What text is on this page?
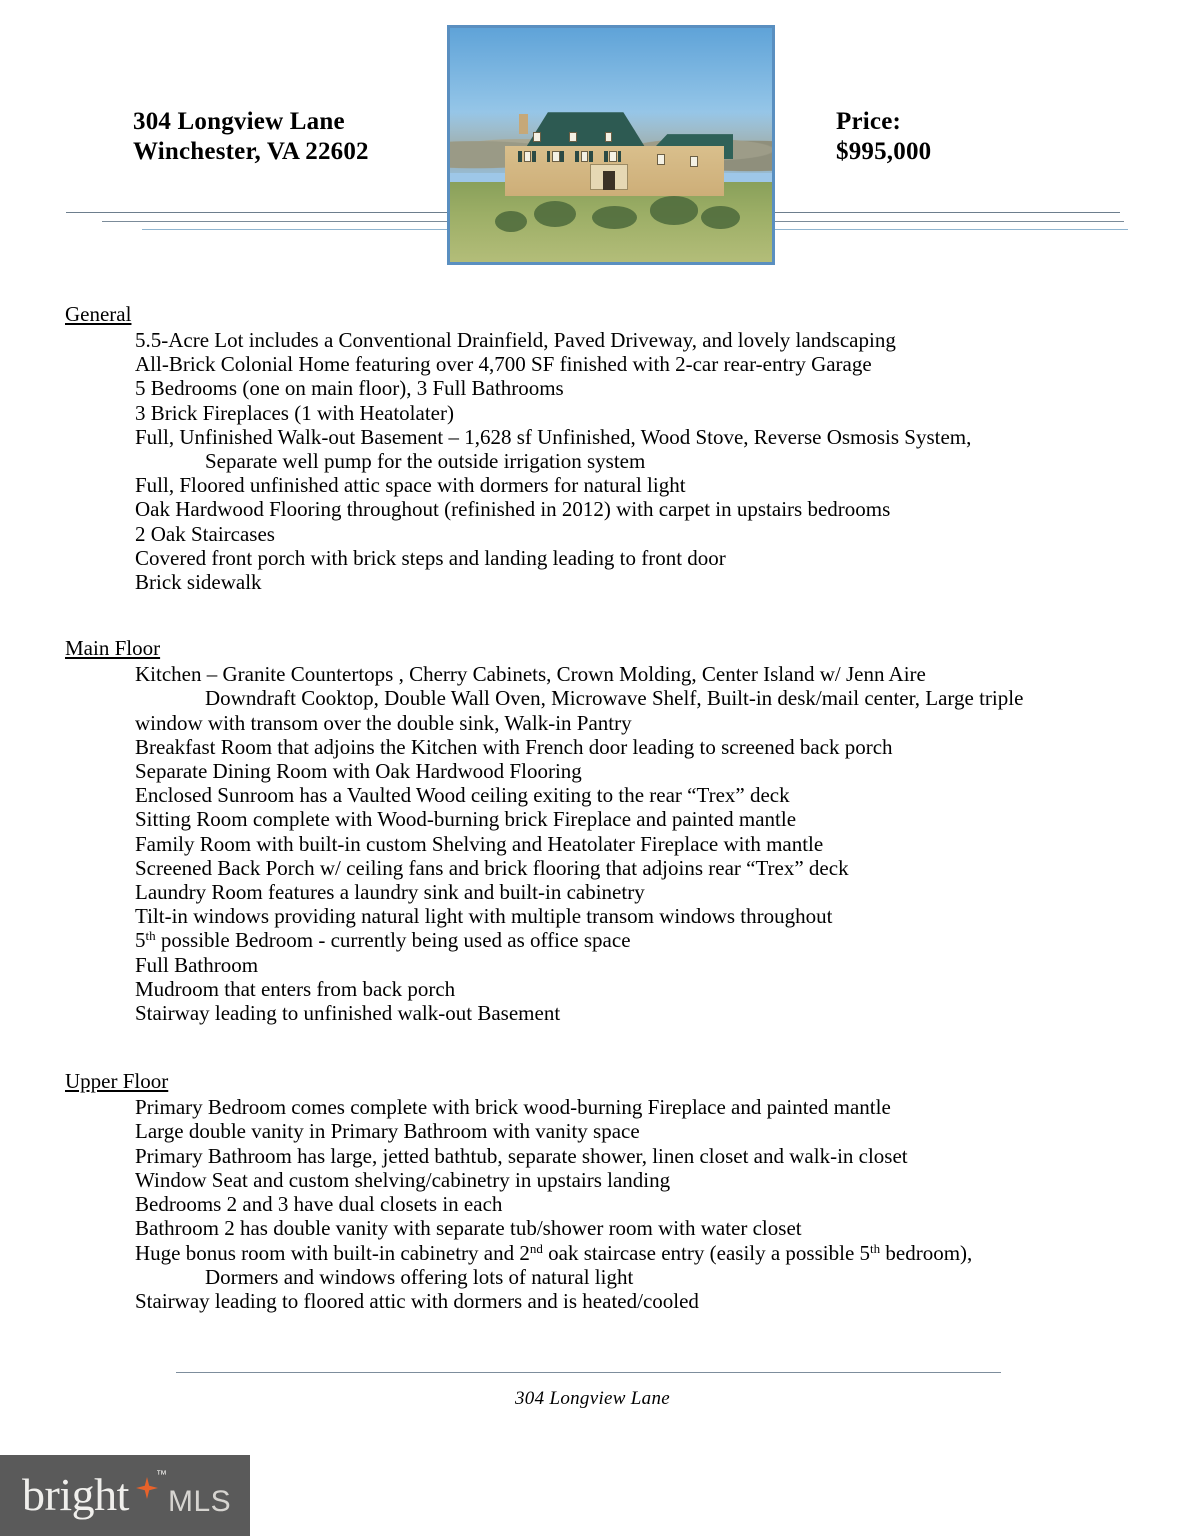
304 Longview Lane
Winchester, VA 22602
Price:
$995,000
General
5.5-Acre Lot includes a Conventional Drainfield, Paved Driveway, and lovely landscaping
All-Brick Colonial Home featuring over 4,700 SF finished with 2-car rear-entry Garage
5 Bedrooms (one on main floor), 3 Full Bathrooms
3 Brick Fireplaces (1 with Heatolater)
Full, Unfinished Walk-out Basement – 1,628 sf Unfinished, Wood Stove, Reverse Osmosis System,
Separate well pump for the outside irrigation system
Full, Floored unfinished attic space with dormers for natural light
Oak Hardwood Flooring throughout (refinished in 2012) with carpet in upstairs bedrooms
2 Oak Staircases
Covered front porch with brick steps and landing leading to front door
Brick sidewalk
Main Floor
Kitchen – Granite Countertops , Cherry Cabinets, Crown Molding, Center Island w/ Jenn Aire
Downdraft Cooktop, Double Wall Oven, Microwave Shelf, Built-in desk/mail center, Large triple
window with transom over the double sink, Walk-in Pantry
Breakfast Room that adjoins the Kitchen with French door leading to screened back porch
Separate Dining Room with Oak Hardwood Flooring
Enclosed Sunroom has a Vaulted Wood ceiling exiting to the rear “Trex” deck
Sitting Room complete with Wood-burning brick Fireplace and painted mantle
Family Room with built-in custom Shelving and Heatolater Fireplace with mantle
Screened Back Porch w/ ceiling fans and brick flooring that adjoins rear “Trex” deck
Laundry Room features a laundry sink and built-in cabinetry
Tilt-in windows providing natural light with multiple transom windows throughout
5th possible Bedroom - currently being used as office space
Full Bathroom
Mudroom that enters from back porch
Stairway leading to unfinished walk-out Basement
Upper Floor
Primary Bedroom comes complete with brick wood-burning Fireplace and painted mantle
Large double vanity in Primary Bathroom with vanity space
Primary Bathroom has large, jetted bathtub, separate shower, linen closet and walk-in closet
Window Seat and custom shelving/cabinetry in upstairs landing
Bedrooms 2 and 3 have dual closets in each
Bathroom 2 has double vanity with separate tub/shower room with water closet
Huge bonus room with built-in cabinetry and 2nd oak staircase entry (easily a possible 5th bedroom),
Dormers and windows offering lots of natural light
Stairway leading to floored attic with dormers and is heated/cooled
304 Longview Lane
bright ™
MLS
